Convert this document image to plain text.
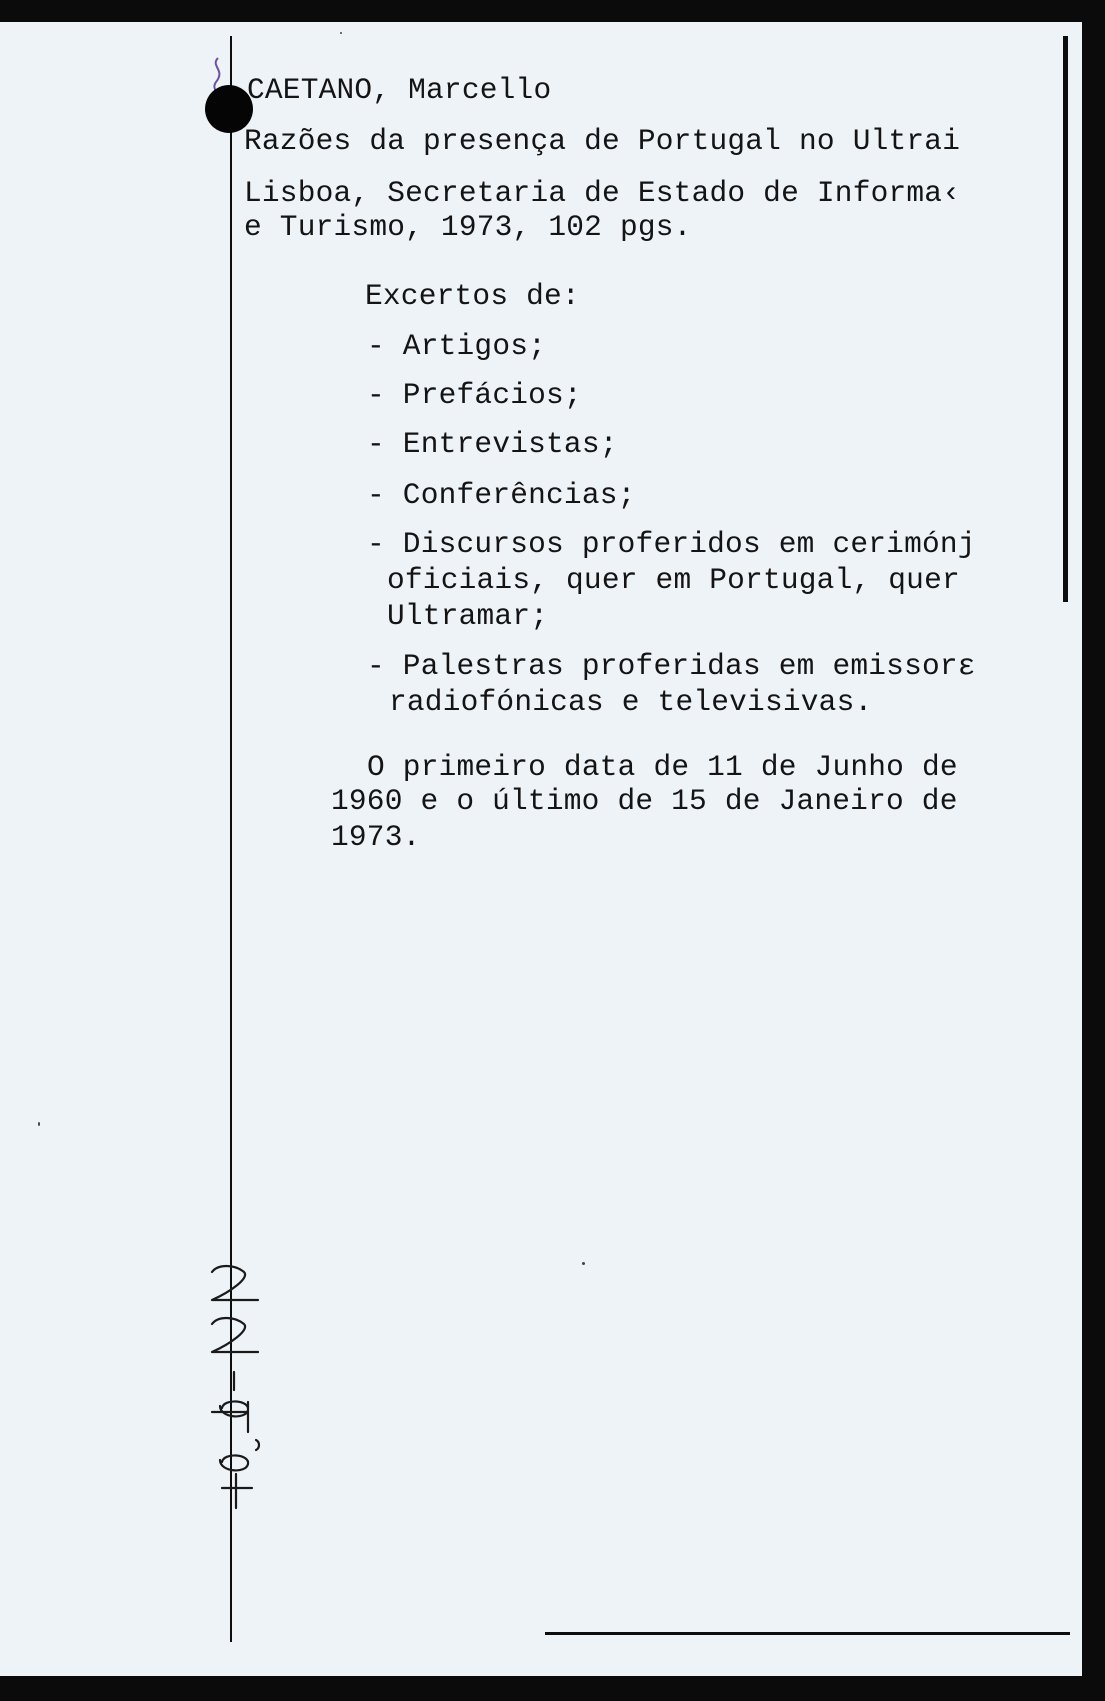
CAETANO, Marcello

Razões da presença de Portugal no Ultrai

Lisboa, Secretaria de Estado de Informa‹

e Turismo, 1973, 102 pgs.

Excertos de:

- Artigos;

- Prefácios;

- Entrevistas;

- Conferências;

- Discursos proferidos em cerimónj

oficiais, quer em Portugal, quer

Ultramar;

- Palestras proferidas em emissorε

radiofónicas e televisivas.

O primeiro data de 11 de Junho de

1960 e o último de 15 de Janeiro de

1973.

q.d.-22
